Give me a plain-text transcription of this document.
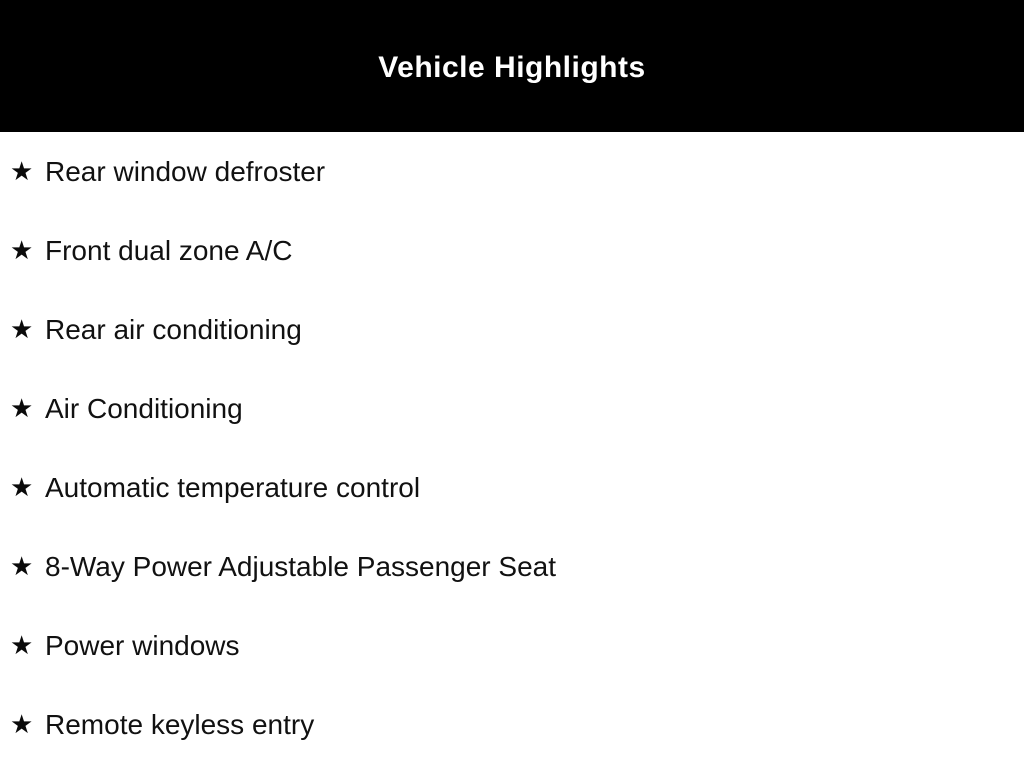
Vehicle Highlights
★ Rear window defroster
★ Front dual zone A/C
★ Rear air conditioning
★ Air Conditioning
★ Automatic temperature control
★ 8-Way Power Adjustable Passenger Seat
★ Power windows
★ Remote keyless entry
